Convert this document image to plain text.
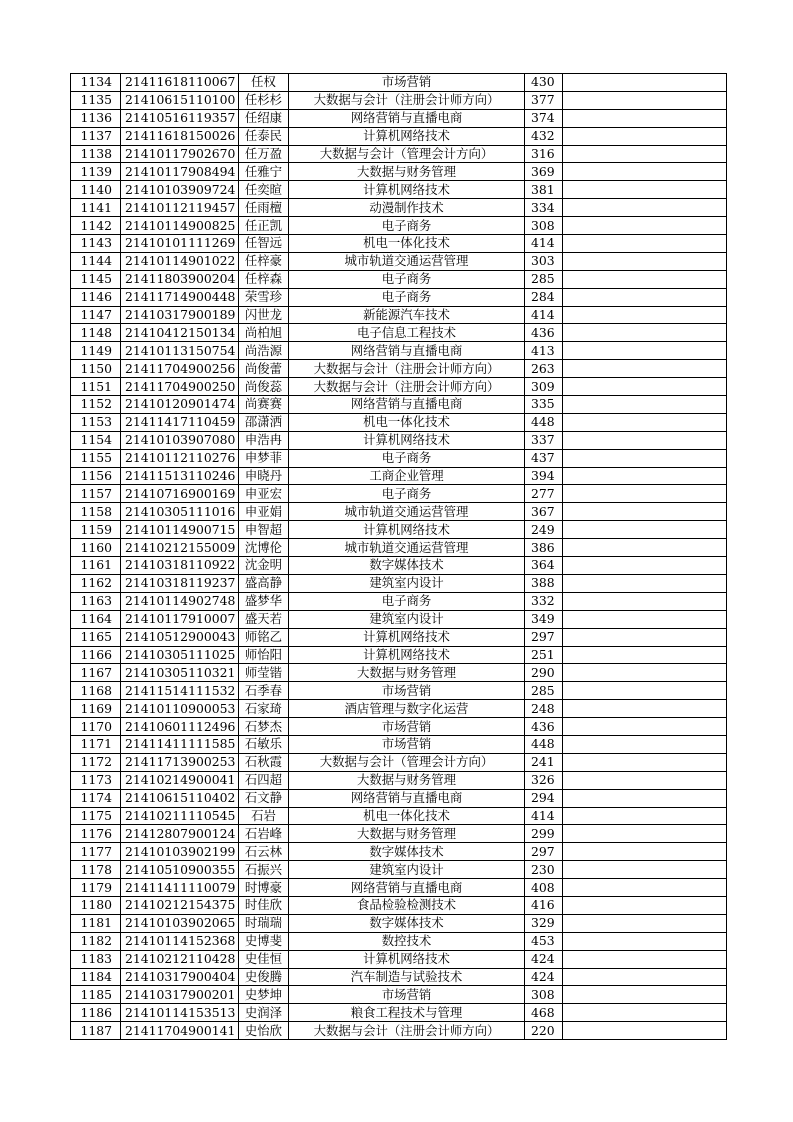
1134	21411618110067	任权	市场营销	430	
1135	21410615110100	任杉杉	大数据与会计（注册会计师方向）	377	
1136	21410516119357	任绍康	网络营销与直播电商	374	
1137	21411618150026	任泰民	计算机网络技术	432	
1138	21410117902670	任万盈	大数据与会计（管理会计方向）	316	
1139	21410117908494	任雅宁	大数据与财务管理	369	
1140	21410103909724	任奕暄	计算机网络技术	381	
1141	21410112119457	任雨檀	动漫制作技术	334	
1142	21410114900825	任正凯	电子商务	308	
1143	21410101111269	任智远	机电一体化技术	414	
1144	21410114901022	任梓豪	城市轨道交通运营管理	303	
1145	21411803900204	任梓森	电子商务	285	
1146	21411714900448	荣雪珍	电子商务	284	
1147	21410317900189	闪世龙	新能源汽车技术	414	
1148	21410412150134	尚柏旭	电子信息工程技术	436	
1149	21410113150754	尚浩源	网络营销与直播电商	413	
1150	21411704900256	尚俊蕾	大数据与会计（注册会计师方向）	263	
1151	21411704900250	尚俊蕊	大数据与会计（注册会计师方向）	309	
1152	21410120901474	尚赛赛	网络营销与直播电商	335	
1153	21411417110459	邵潇洒	机电一体化技术	448	
1154	21410103907080	申浩冉	计算机网络技术	337	
1155	21410112110276	申梦菲	电子商务	437	
1156	21411513110246	申晓丹	工商企业管理	394	
1157	21410716900169	申亚宏	电子商务	277	
1158	21410305111016	申亚娟	城市轨道交通运营管理	367	
1159	21410114900715	申智超	计算机网络技术	249	
1160	21410212155009	沈博伦	城市轨道交通运营管理	386	
1161	21410318110922	沈金明	数字媒体技术	364	
1162	21410318119237	盛高静	建筑室内设计	388	
1163	21410114902748	盛梦华	电子商务	332	
1164	21410117910007	盛天若	建筑室内设计	349	
1165	21410512900043	师铭乙	计算机网络技术	297	
1166	21410305111025	师怡阳	计算机网络技术	251	
1167	21410305110321	师莹锴	大数据与财务管理	290	
1168	21411514111532	石季春	市场营销	285	
1169	21410110900053	石家琦	酒店管理与数字化运营	248	
1170	21410601112496	石梦杰	市场营销	436	
1171	21411411111585	石敏乐	市场营销	448	
1172	21411713900253	石秋霞	大数据与会计（管理会计方向）	241	
1173	21410214900041	石四超	大数据与财务管理	326	
1174	21410615110402	石文静	网络营销与直播电商	294	
1175	21410211110545	石岩	机电一体化技术	414	
1176	21412807900124	石岩峰	大数据与财务管理	299	
1177	21410103902199	石云林	数字媒体技术	297	
1178	21410510900355	石振兴	建筑室内设计	230	
1179	21411411110079	时博豪	网络营销与直播电商	408	
1180	21410212154375	时佳欣	食品检验检测技术	416	
1181	21410103902065	时瑞瑞	数字媒体技术	329	
1182	21410114152368	史博斐	数控技术	453	
1183	21410212110428	史佳恒	计算机网络技术	424	
1184	21410317900404	史俊腾	汽车制造与试验技术	424	
1185	21410317900201	史梦坤	市场营销	308	
1186	21410114153513	史润泽	粮食工程技术与管理	468	
1187	21411704900141	史怡欣	大数据与会计（注册会计师方向）	220	
